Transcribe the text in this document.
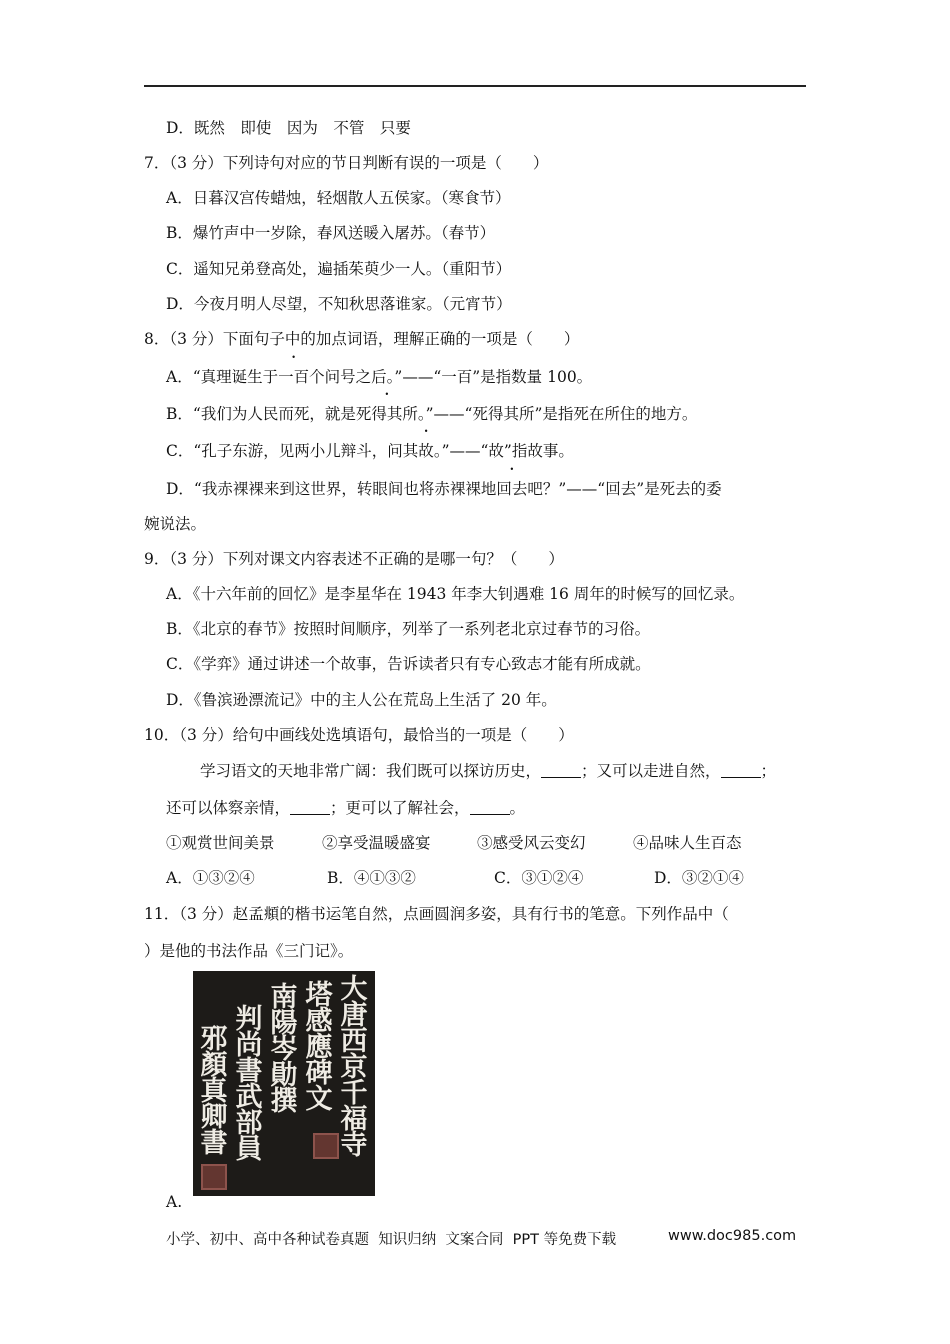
D．既然　即使　因为　不管　只要
7．（3 分）下列诗句对应的节日判断有误的一项是（　　）
A．日暮汉宫传蜡烛，轻烟散人五侯家。（寒食节）
B．爆竹声中一岁除，春风送暖入屠苏。（春节）
C．遥知兄弟登高处，遍插茱萸少一人。（重阳节）
D．今夜月明人尽望，不知秋思落谁家。（元宵节）
8．（3 分）下面句子中的加点词语，理解正确的一项是（　　）
A．“真理诞生于一百个问号之后。”——“一百”是指数量 100。
B．“我们为人民而死，就是死得其所。”——“死得其所”是指死在所住的地方。
C．“孔子东游，见两小儿辩斗，问其故。”——“故”指故事。
D．“我赤裸裸来到这世界，转眼间也将赤裸裸地回去吧？”——“回去”是死去的委
婉说法。
9．（3 分）下列对课文内容表述不正确的是哪一句？（　　）
A．《十六年前的回忆》是李星华在 1943 年李大钊遇难 16 周年的时候写的回忆录。
B．《北京的春节》按照时间顺序，列举了一系列老北京过春节的习俗。
C．《学弈》通过讲述一个故事，告诉读者只有专心致志才能有所成就。
D．《鲁滨逊漂流记》中的主人公在荒岛上生活了 20 年。
10．（3 分）给句中画线处选填语句，最恰当的一项是（　　）
学习语文的天地非常广阔：我们既可以探访历史，	；又可以走进自然，	；
还可以体察亲情，	；更可以了解社会，	。
①观赏世间美景	②享受温暖盛宴	③感受风云变幻	④品味人生百态
A．①③②④	B．④①③②	C．③①②④	D．③②①④
11．（3 分）赵孟頫的楷书运笔自然，点画圆润多姿，具有行书的笔意。下列作品中（
）是他的书法作品《三门记》。
大唐西京千福寺
塔感應碑文
南陽岑勛撰
判尚書武部員
邪顏真卿書
A.
小学、初中、高中各种试卷真题  知识归纳  文案合同  PPT 等免费下载	www.doc985.com
